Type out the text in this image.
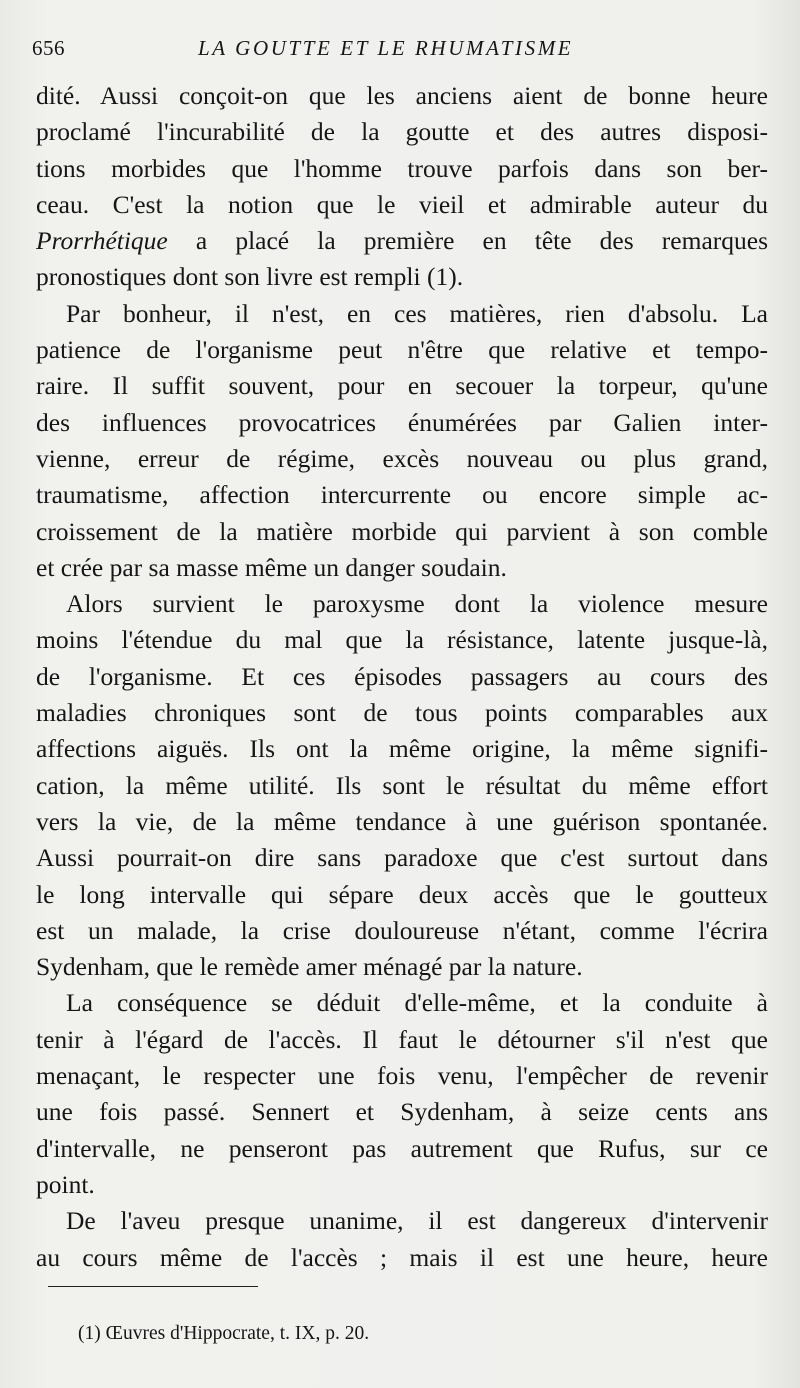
656	LA GOUTTE ET LE RHUMATISME
dité. Aussi conçoit-on que les anciens aient de bonne heure
proclamé l'incurabilité de la goutte et des autres disposi-
tions morbides que l'homme trouve parfois dans son ber-
ceau. C'est la notion que le vieil et admirable auteur du
Prorrhétique a placé la première en tête des remarques
pronostiques dont son livre est rempli (1).
Par bonheur, il n'est, en ces matières, rien d'absolu. La
patience de l'organisme peut n'être que relative et tempo-
raire. Il suffit souvent, pour en secouer la torpeur, qu'une
des influences provocatrices énumérées par Galien inter-
vienne, erreur de régime, excès nouveau ou plus grand,
traumatisme, affection intercurrente ou encore simple ac-
croissement de la matière morbide qui parvient à son comble
et crée par sa masse même un danger soudain.
Alors survient le paroxysme dont la violence mesure
moins l'étendue du mal que la résistance, latente jusque-là,
de l'organisme. Et ces épisodes passagers au cours des
maladies chroniques sont de tous points comparables aux
affections aiguës. Ils ont la même origine, la même signifi-
cation, la même utilité. Ils sont le résultat du même effort
vers la vie, de la même tendance à une guérison spontanée.
Aussi pourrait-on dire sans paradoxe que c'est surtout dans
le long intervalle qui sépare deux accès que le goutteux
est un malade, la crise douloureuse n'étant, comme l'écrira
Sydenham, que le remède amer ménagé par la nature.
La conséquence se déduit d'elle-même, et la conduite à
tenir à l'égard de l'accès. Il faut le détourner s'il n'est que
menaçant, le respecter une fois venu, l'empêcher de revenir
une fois passé. Sennert et Sydenham, à seize cents ans
d'intervalle, ne penseront pas autrement que Rufus, sur ce
point.
De l'aveu presque unanime, il est dangereux d'intervenir
au cours même de l'accès ; mais il est une heure, heure
(1) Œuvres d'Hippocrate, t. IX, p. 20.
